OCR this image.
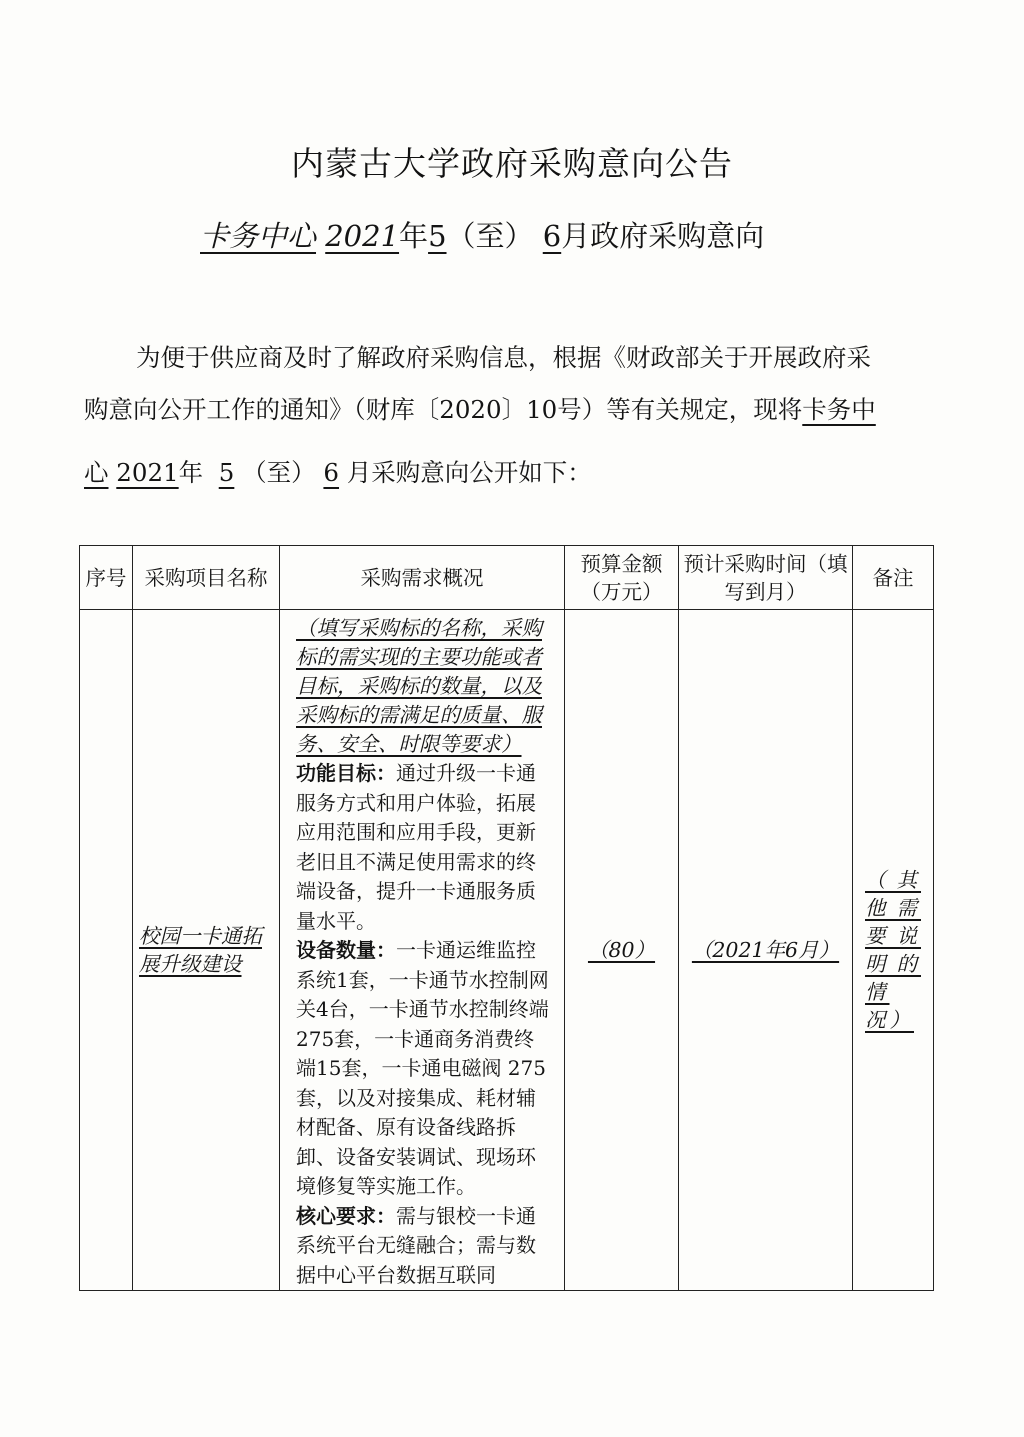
内蒙古大学政府采购意向公告
卡务中心 2021年5（至） 6月政府采购意向
为便于供应商及时了解政府采购信息，根据《财政部关于开展政府采
购意向公开工作的通知》（财库〔2020〕10号）等有关规定，现将卡务中
心 2021年 5 （至） 6 月采购意向公开如下：
序号	采购项目名称	采购需求概况	预算金额（万元）	预计采购时间（填写到月）	备注
	校园一卡通拓展升级建设	（填写采购标的名称，采购标的需实现的主要功能或者目标，采购标的数量，以及采购标的需满足的质量、服务、安全、时限等要求）
功能目标：通过升级一卡通服务方式和用户体验，拓展应用范围和应用手段，更新老旧且不满足使用需求的终端设备，提升一卡通服务质量水平。
设备数量：一卡通运维监控系统1套，一卡通节水控制网关4台，一卡通节水控制终端275套，一卡通商务消费终端15套，一卡通电磁阀 275 套，以及对接集成、耗材辅材配备、原有设备线路拆卸、设备安装调试、现场环境修复等实施工作。
核心要求：需与银校一卡通系统平台无缝融合；需与数据中心平台数据互联同	（80）	（2021年6月）	（其他需要说明的情况）
